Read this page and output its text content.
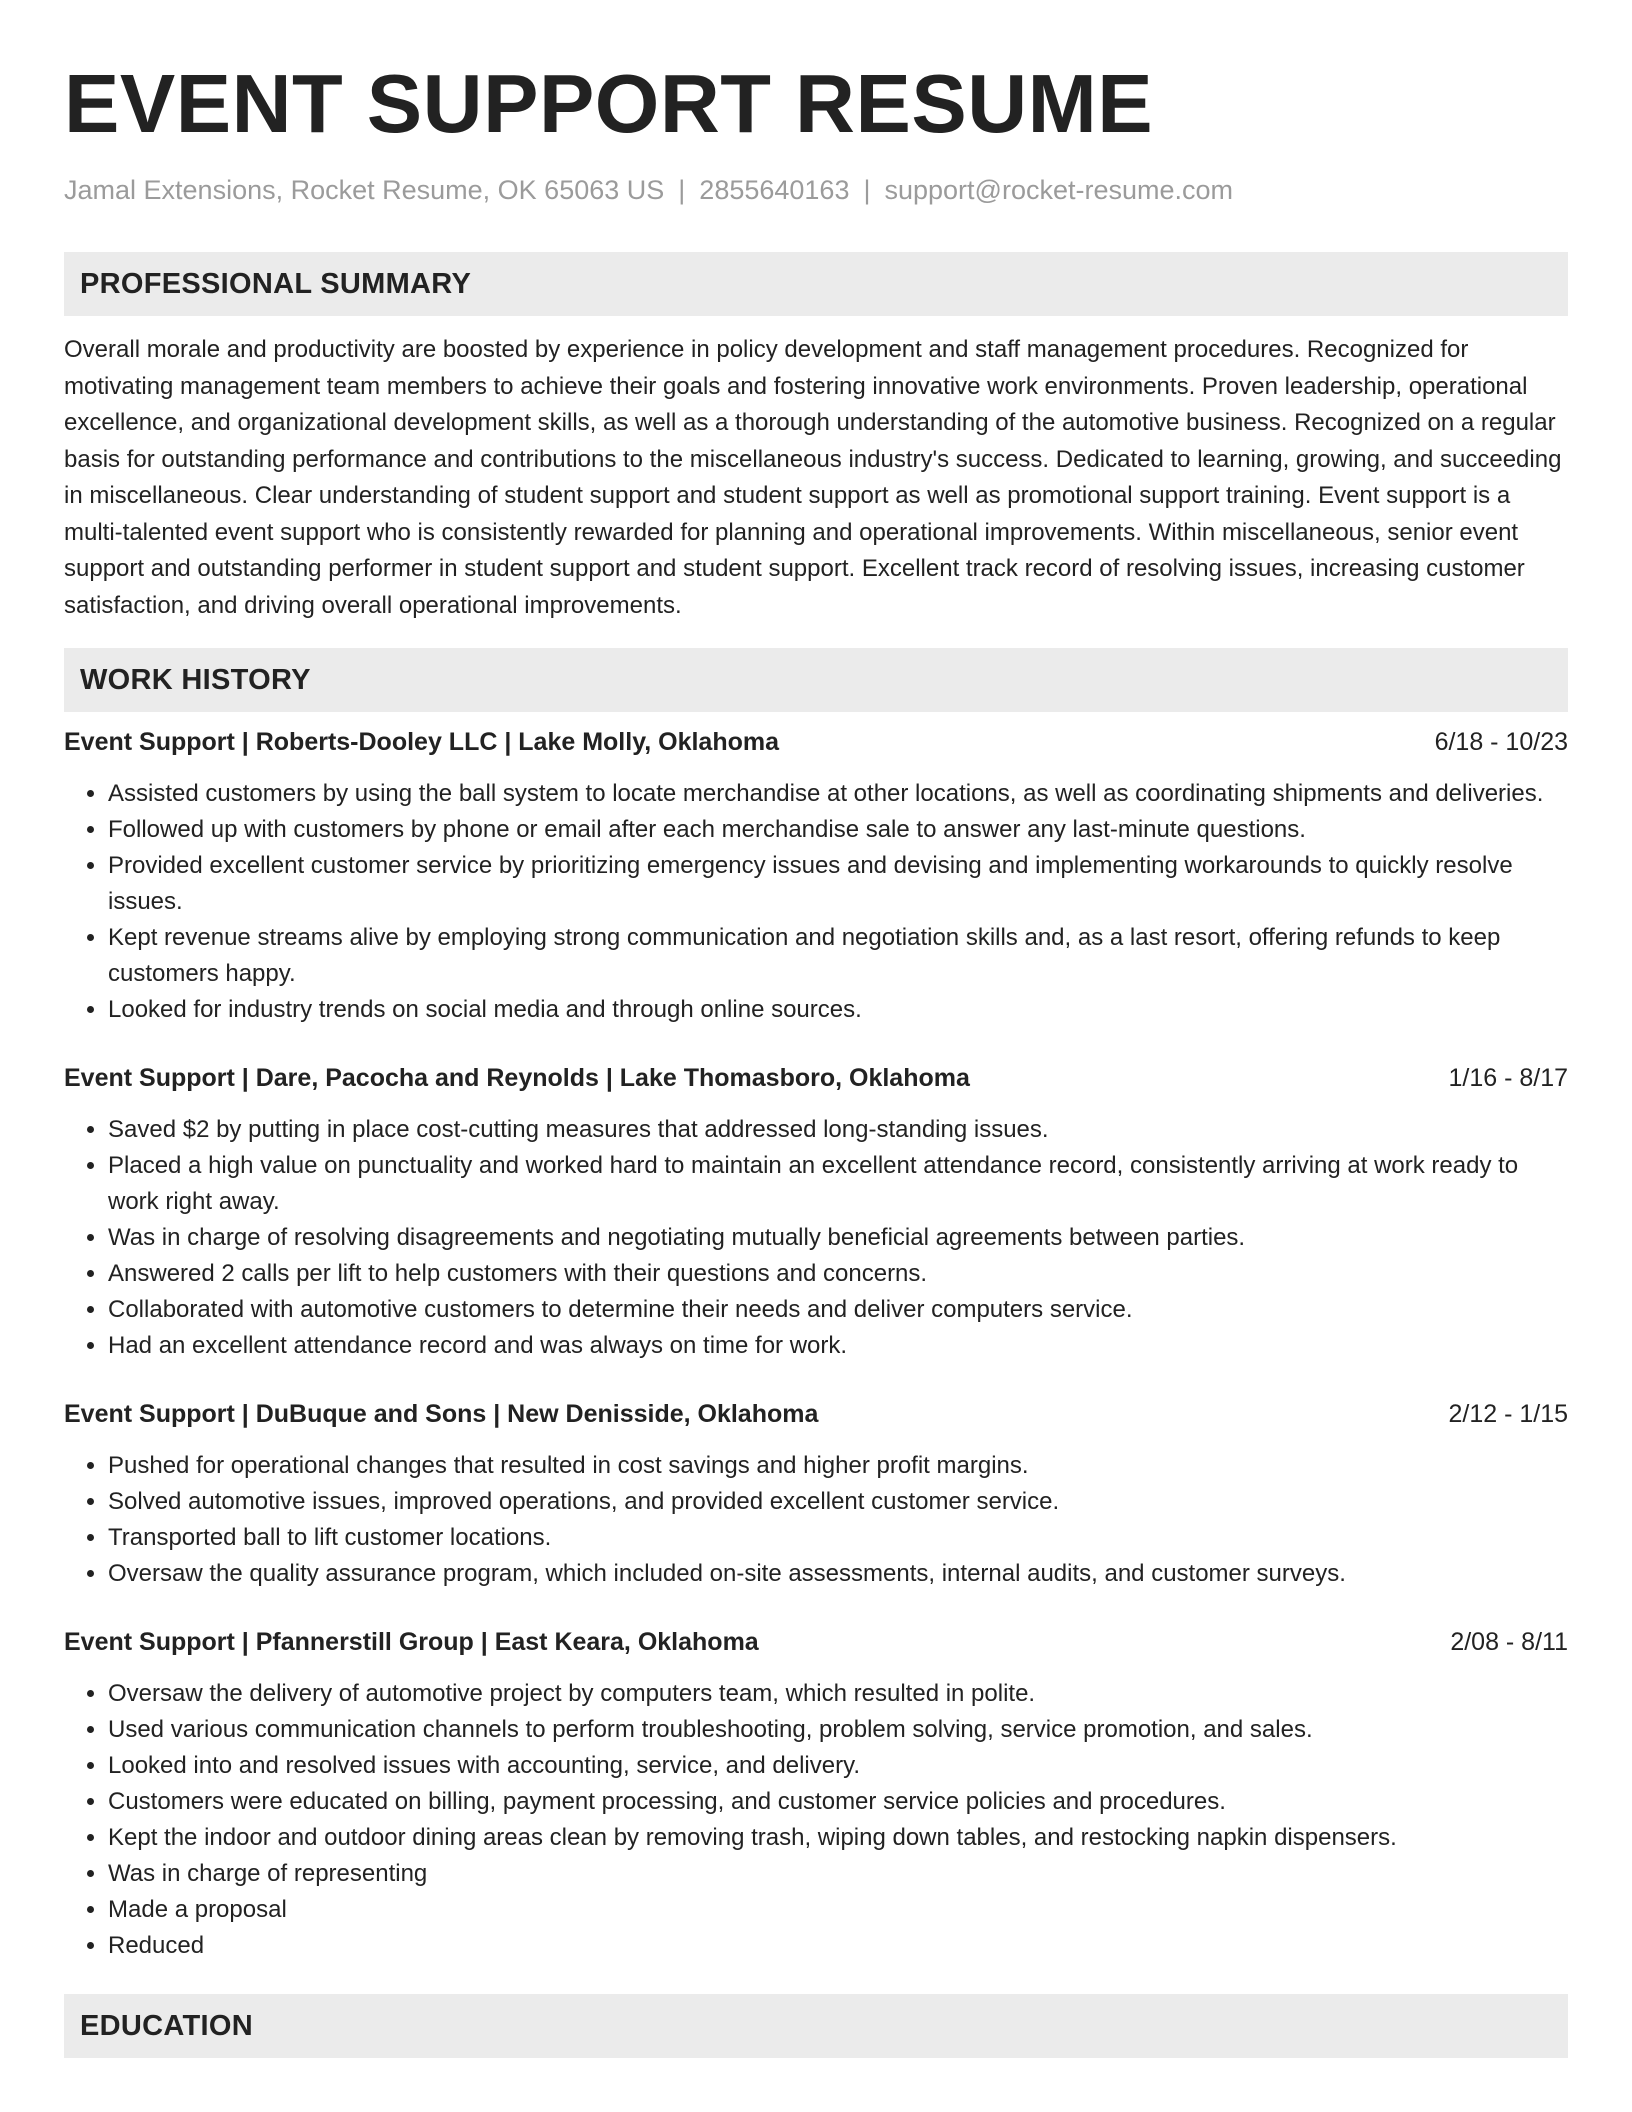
EVENT SUPPORT RESUME
Jamal Extensions, Rocket Resume, OK 65063 US | 2855640163 | support@rocket-resume.com
PROFESSIONAL SUMMARY
Overall morale and productivity are boosted by experience in policy development and staff management procedures. Recognized for motivating management team members to achieve their goals and fostering innovative work environments. Proven leadership, operational excellence, and organizational development skills, as well as a thorough understanding of the automotive business. Recognized on a regular basis for outstanding performance and contributions to the miscellaneous industry's success. Dedicated to learning, growing, and succeeding in miscellaneous. Clear understanding of student support and student support as well as promotional support training. Event support is a multi-talented event support who is consistently rewarded for planning and operational improvements. Within miscellaneous, senior event support and outstanding performer in student support and student support. Excellent track record of resolving issues, increasing customer satisfaction, and driving overall operational improvements.
WORK HISTORY
Event Support | Roberts-Dooley LLC | Lake Molly, Oklahoma	6/18 - 10/23
• Assisted customers by using the ball system to locate merchandise at other locations, as well as coordinating shipments and deliveries.
• Followed up with customers by phone or email after each merchandise sale to answer any last-minute questions.
• Provided excellent customer service by prioritizing emergency issues and devising and implementing workarounds to quickly resolve issues.
• Kept revenue streams alive by employing strong communication and negotiation skills and, as a last resort, offering refunds to keep customers happy.
• Looked for industry trends on social media and through online sources.
Event Support | Dare, Pacocha and Reynolds | Lake Thomasboro, Oklahoma	1/16 - 8/17
• Saved $2 by putting in place cost-cutting measures that addressed long-standing issues.
• Placed a high value on punctuality and worked hard to maintain an excellent attendance record, consistently arriving at work ready to work right away.
• Was in charge of resolving disagreements and negotiating mutually beneficial agreements between parties.
• Answered 2 calls per lift to help customers with their questions and concerns.
• Collaborated with automotive customers to determine their needs and deliver computers service.
• Had an excellent attendance record and was always on time for work.
Event Support | DuBuque and Sons | New Denisside, Oklahoma	2/12 - 1/15
• Pushed for operational changes that resulted in cost savings and higher profit margins.
• Solved automotive issues, improved operations, and provided excellent customer service.
• Transported ball to lift customer locations.
• Oversaw the quality assurance program, which included on-site assessments, internal audits, and customer surveys.
Event Support | Pfannerstill Group | East Keara, Oklahoma	2/08 - 8/11
• Oversaw the delivery of automotive project by computers team, which resulted in polite.
• Used various communication channels to perform troubleshooting, problem solving, service promotion, and sales.
• Looked into and resolved issues with accounting, service, and delivery.
• Customers were educated on billing, payment processing, and customer service policies and procedures.
• Kept the indoor and outdoor dining areas clean by removing trash, wiping down tables, and restocking napkin dispensers.
• Was in charge of representing
• Made a proposal
• Reduced
EDUCATION
